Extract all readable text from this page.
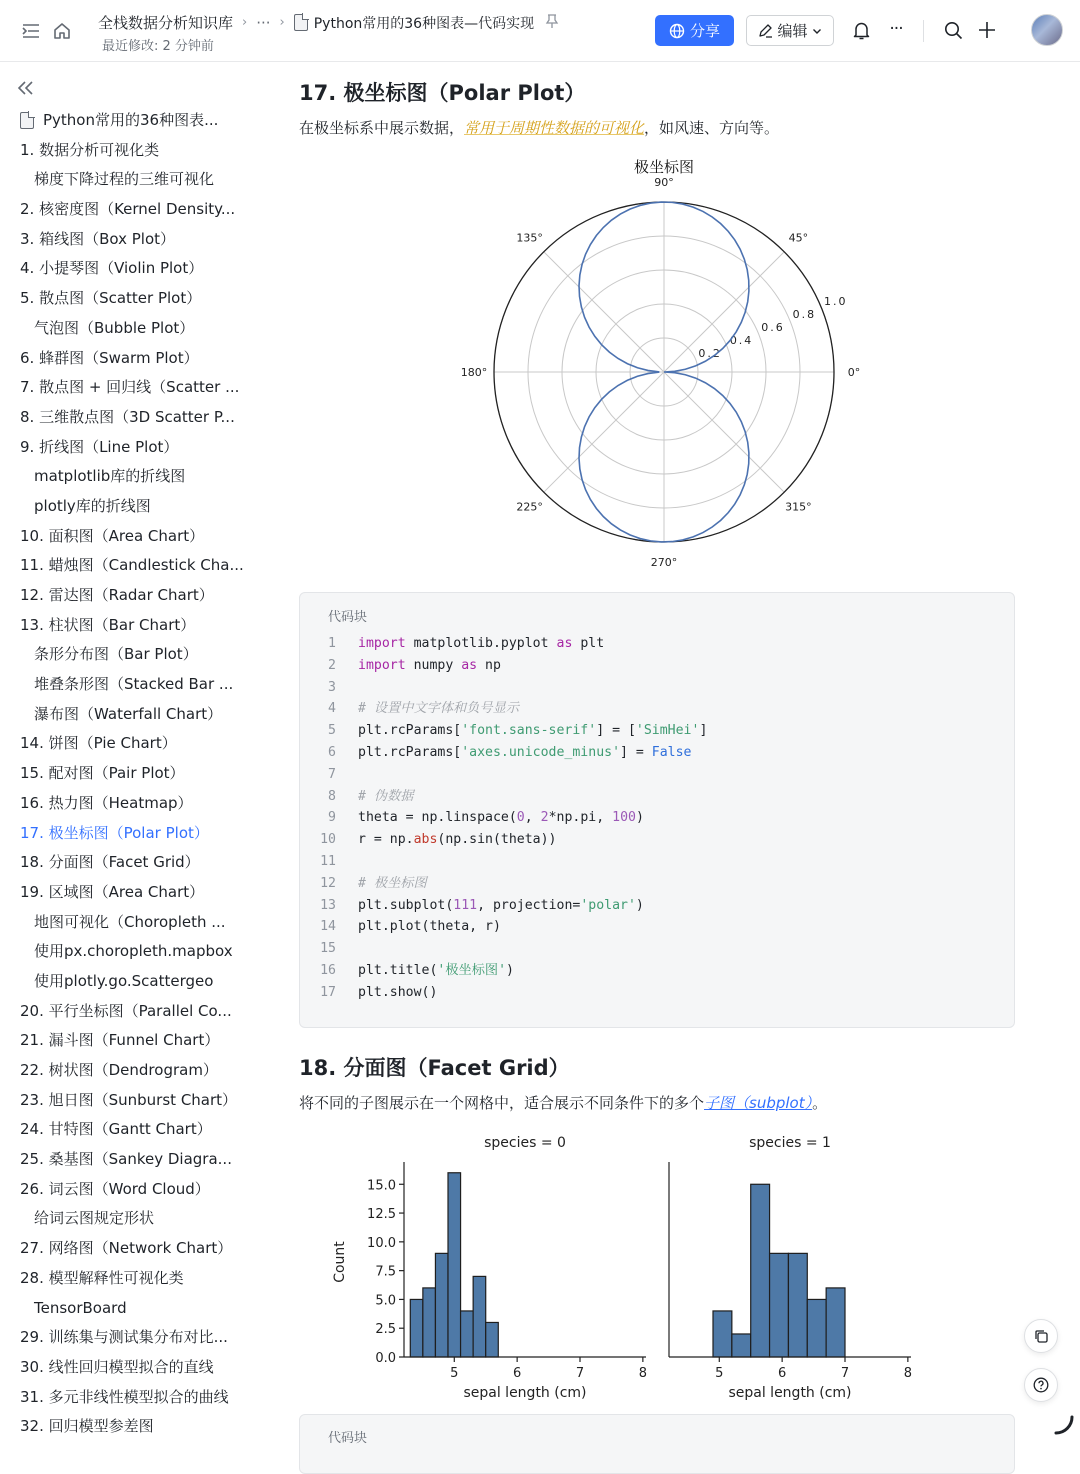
全栈数据分析知识库 › ··· › Python常用的36种图表—代码实现
最近修改: 2 分钟前
分享	编辑	···
Python常用的36种图表...
1. 数据分析可视化类
梯度下降过程的三维可视化
2. 核密度图（Kernel Density...
3. 箱线图（Box Plot）
4. 小提琴图（Violin Plot）
5. 散点图（Scatter Plot）
气泡图（Bubble Plot）
6. 蜂群图（Swarm Plot）
7. 散点图 + 回归线（Scatter ...
8. 三维散点图（3D Scatter P...
9. 折线图（Line Plot）
matplotlib库的折线图
plotly库的折线图
10. 面积图（Area Chart）
11. 蜡烛图（Candlestick Cha...
12. 雷达图（Radar Chart）
13. 柱状图（Bar Chart）
条形分布图（Bar Plot）
堆叠条形图（Stacked Bar ...
瀑布图（Waterfall Chart）
14. 饼图（Pie Chart）
15. 配对图（Pair Plot）
16. 热力图（Heatmap）
17. 极坐标图（Polar Plot）
18. 分面图（Facet Grid）
19. 区域图（Area Chart）
地图可视化（Choropleth ...
使用px.choropleth.mapbox
使用plotly.go.Scattergeo
20. 平行坐标图（Parallel Co...
21. 漏斗图（Funnel Chart）
22. 树状图（Dendrogram）
23. 旭日图（Sunburst Chart）
24. 甘特图（Gantt Chart）
25. 桑基图（Sankey Diagra...
26. 词云图（Word Cloud）
给词云图规定形状
27. 网络图（Network Chart）
28. 模型解释性可视化类
TensorBoard
29. 训练集与测试集分布对比...
30. 线性回归模型拟合的直线
31. 多元非线性模型拟合的曲线
32. 回归模型参差图
17. 极坐标图（Polar Plot）
在极坐标系中展示数据，常用于周期性数据的可视化，如风速、方向等。
极坐标图
0°
45°
90°
135°
180°
225°
270°
315°
0.2
0.4
0.6
0.8
1.0
代码块
1	import matplotlib.pyplot as plt
2	import numpy as np
3
4	# 设置中文字体和负号显示
5	plt.rcParams['font.sans-serif'] = ['SimHei']
6	plt.rcParams['axes.unicode_minus'] = False
7
8	# 伪数据
9	theta = np.linspace(0, 2*np.pi, 100)
10	r = np.abs(np.sin(theta))
11
12	# 极坐标图
13	plt.subplot(111, projection='polar')
14	plt.plot(theta, r)
15
16	plt.title('极坐标图')
17	plt.show()
18. 分面图（Facet Grid）
将不同的子图展示在一个网格中，适合展示不同条件下的多个子图（subplot）。
species = 0
5	6	7	8
sepal length (cm)
0.0
2.5
5.0
7.5
10.0
12.5
15.0
Count
species = 1
5	6	7	8
sepal length (cm)
代码块
